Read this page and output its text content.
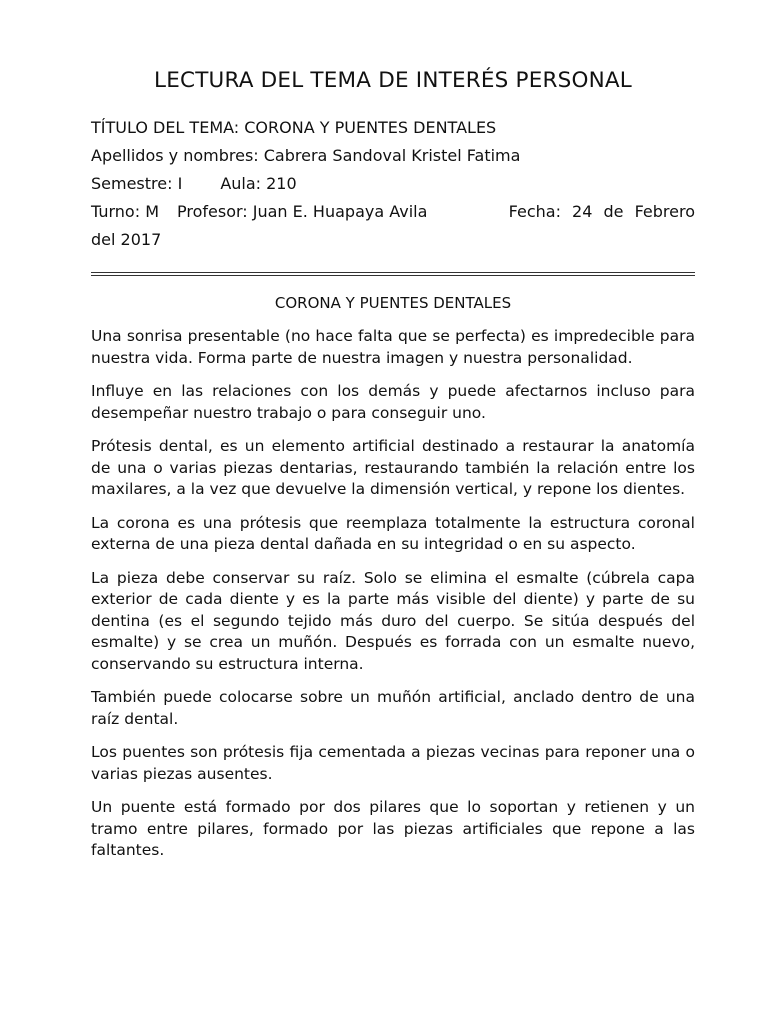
LECTURA DEL TEMA DE INTERÉS PERSONAL
TÍTULO DEL TEMA: CORONA Y PUENTES DENTALES
Apellidos y nombres: Cabrera Sandoval Kristel Fatima
Semestre: I Aula: 210
Turno: M Profesor: Juan E. Huapaya Avila	Fecha: 24 de Febrero
del 2017
CORONA Y PUENTES DENTALES

Una sonrisa presentable (no hace falta que se perfecta) es impredecible para nuestra vida. Forma parte de nuestra imagen y nuestra personalidad.

Influye en las relaciones con los demás y puede afectarnos incluso para desempeñar nuestro trabajo o para conseguir uno.

Prótesis dental, es un elemento artificial destinado a restaurar la anatomía de una o varias piezas dentarias, restaurando también la relación entre los maxilares, a la vez que devuelve la dimensión vertical, y repone los dientes.

La corona es una prótesis que reemplaza totalmente la estructura coronal externa de una pieza dental dañada en su integridad o en su aspecto.

La pieza debe conservar su raíz. Solo se elimina el esmalte (cúbrela capa exterior de cada diente y es la parte más visible del diente) y parte de su dentina (es el segundo tejido más duro del cuerpo. Se sitúa después del esmalte) y se crea un muñón. Después es forrada con un esmalte nuevo, conservando su estructura interna.

También puede colocarse sobre un muñón artificial, anclado dentro de una raíz dental.

Los puentes son prótesis fija cementada a piezas vecinas para reponer una o varias piezas ausentes.

Un puente está formado por dos pilares que lo soportan y retienen y un tramo entre pilares, formado por las piezas artificiales que repone a las faltantes.
